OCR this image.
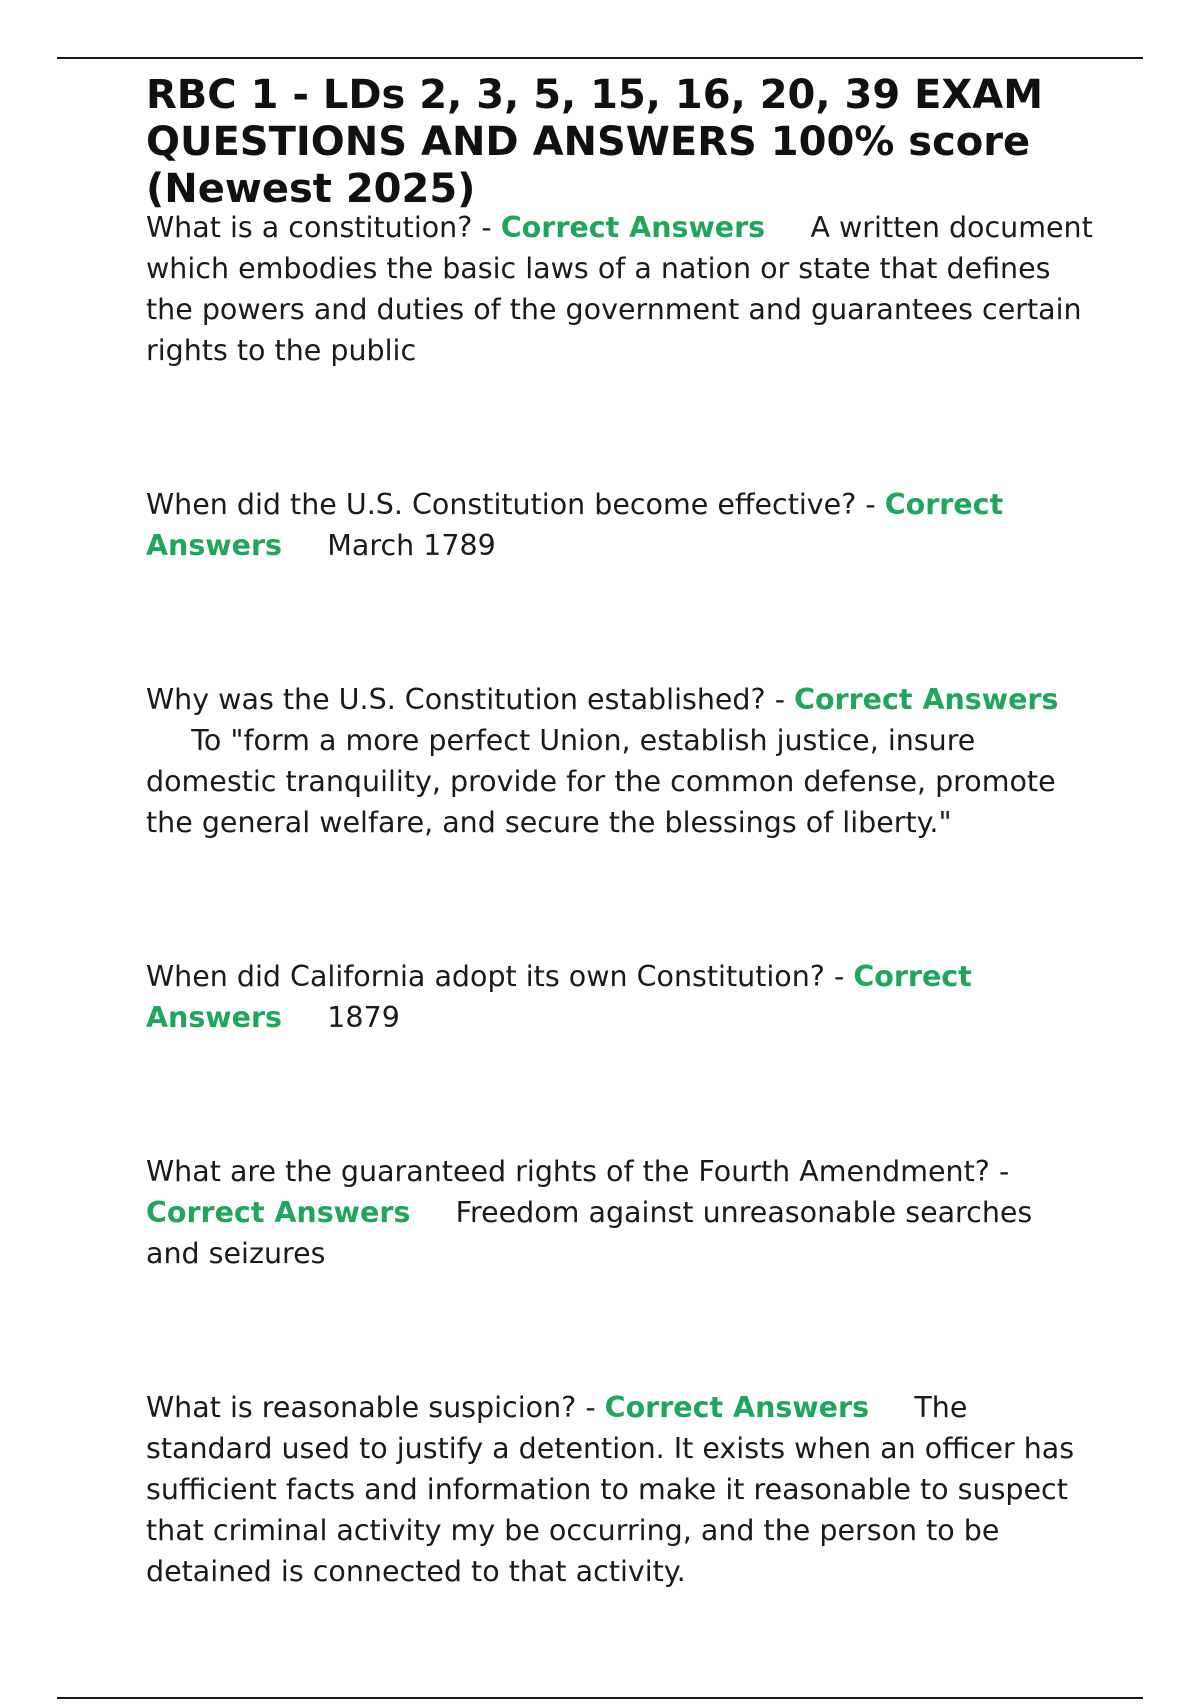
RBC 1 - LDs 2, 3, 5, 15, 16, 20, 39 EXAM QUESTIONS AND ANSWERS 100% score (Newest 2025)

What is a constitution? - Correct Answers A written document which embodies the basic laws of a nation or state that defines the powers and duties of the government and guarantees certain rights to the public

When did the U.S. Constitution become effective? - Correct Answers March 1789

Why was the U.S. Constitution established? - Correct Answers     To "form a more perfect Union, establish justice, insure domestic tranquility, provide for the common defense, promote the general welfare, and secure the blessings of liberty."

When did California adopt its own Constitution? - Correct Answers 1879

What are the guaranteed rights of the Fourth Amendment? - Correct Answers Freedom against unreasonable searches and seizures

What is reasonable suspicion? - Correct Answers The standard used to justify a detention. It exists when an officer has sufficient facts and information to make it reasonable to suspect that criminal activity my be occurring, and the person to be detained is connected to that activity.
